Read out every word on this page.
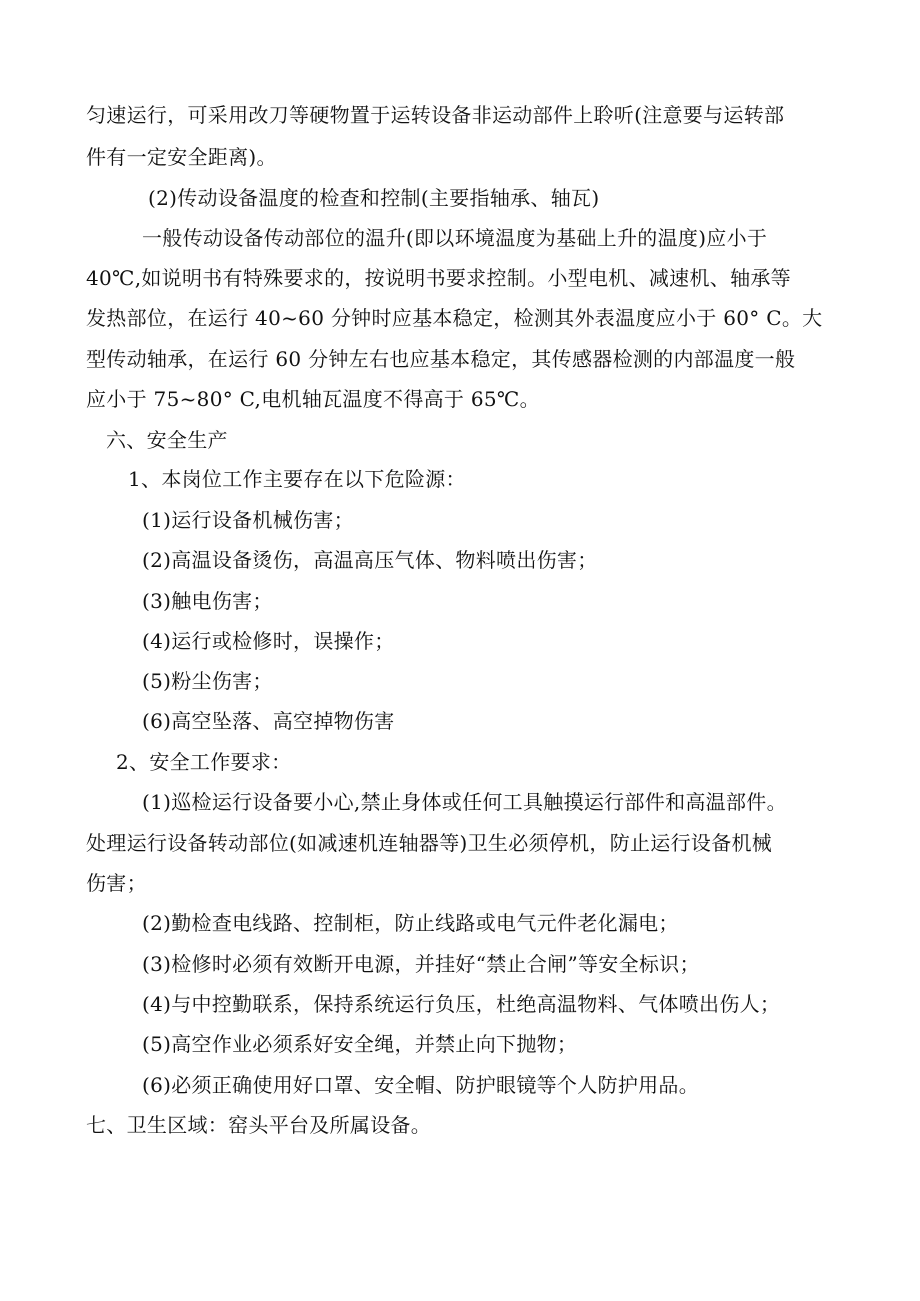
匀速运行，可采用改刀等硬物置于运转设备非运动部件上聆听(注意要与运转部
件有一定安全距离)。
(2)传动设备温度的检查和控制(主要指轴承、轴瓦)
一般传动设备传动部位的温升(即以环境温度为基础上升的温度)应小于
40℃,如说明书有特殊要求的，按说明书要求控制。小型电机、减速机、轴承等
发热部位，在运行 40~60 分钟时应基本稳定，检测其外表温度应小于 60° C。大
型传动轴承，在运行 60 分钟左右也应基本稳定，其传感器检测的内部温度一般
应小于 75~80° C,电机轴瓦温度不得高于 65℃。
六、安全生产
1、本岗位工作主要存在以下危险源：
(1)运行设备机械伤害；
(2)高温设备烫伤，高温高压气体、物料喷出伤害；
(3)触电伤害；
(4)运行或检修时，误操作；
(5)粉尘伤害；
(6)高空坠落、高空掉物伤害
2、安全工作要求：
(1)巡检运行设备要小心,禁止身体或任何工具触摸运行部件和高温部件。
处理运行设备转动部位(如减速机连轴器等)卫生必须停机，防止运行设备机械
伤害；
(2)勤检查电线路、控制柜，防止线路或电气元件老化漏电；
(3)检修时必须有效断开电源，并挂好“禁止合闸”等安全标识；
(4)与中控勤联系，保持系统运行负压，杜绝高温物料、气体喷出伤人；
(5)高空作业必须系好安全绳，并禁止向下抛物；
(6)必须正确使用好口罩、安全帽、防护眼镜等个人防护用品。
七、卫生区域：窑头平台及所属设备。
